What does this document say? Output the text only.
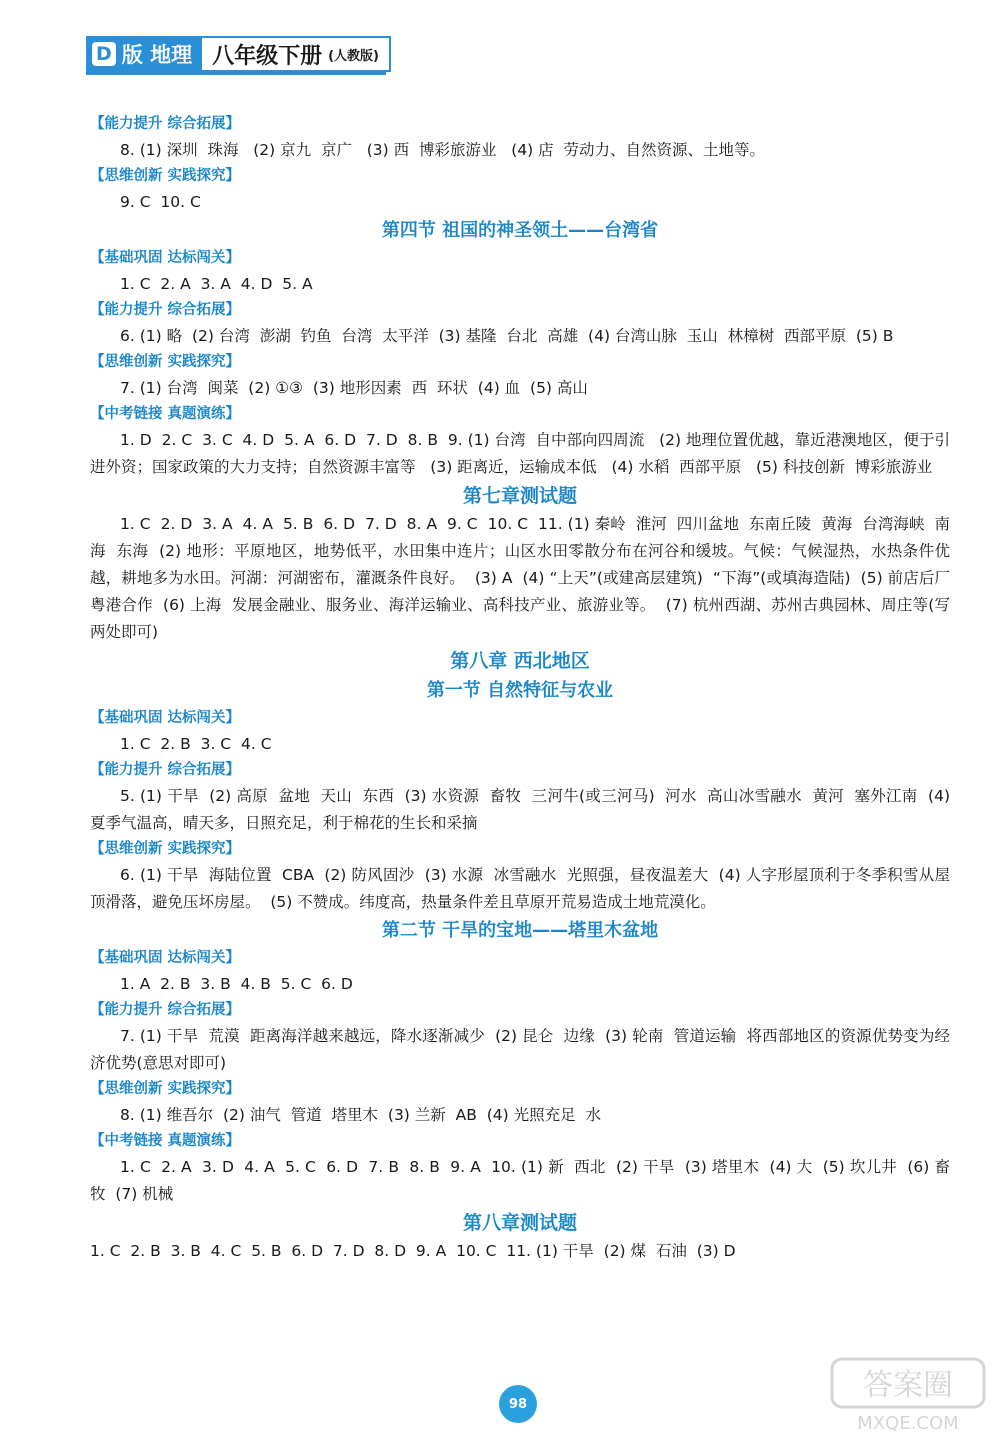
D 版 地理 八年级下册 (人教版)
【能力提升 综合拓展】
8. (1) 深圳  珠海   (2) 京九  京广   (3) 西  博彩旅游业   (4) 店  劳动力、自然资源、土地等。
【思维创新 实践探究】
9. C  10. C
第四节 祖国的神圣领土——台湾省
【基础巩固 达标闯关】
1. C  2. A  3. A  4. D  5. A
【能力提升 综合拓展】
6. (1) 略  (2) 台湾  澎湖  钓鱼  台湾  太平洋  (3) 基隆  台北  高雄  (4) 台湾山脉  玉山  林樟树  西部平原  (5) B
【思维创新 实践探究】
7. (1) 台湾  闽菜  (2) ①③  (3) 地形因素  西  环状  (4) 血  (5) 高山
【中考链接 真题演练】
1. D  2. C  3. C  4. D  5. A  6. D  7. D  8. B  9. (1) 台湾  自中部向四周流   (2) 地理位置优越，靠近港澳地区，便于引进外资；国家政策的大力支持；自然资源丰富等   (3) 距离近，运输成本低   (4) 水稻  西部平原   (5) 科技创新  博彩旅游业
第七章测试题
1. C  2. D  3. A  4. A  5. B  6. D  7. D  8. A  9. C  10. C  11. (1) 秦岭  淮河  四川盆地  东南丘陵  黄海  台湾海峡  南海  东海  (2) 地形：平原地区，地势低平，水田集中连片；山区水田零散分布在河谷和缓坡。气候：气候湿热，水热条件优越，耕地多为水田。河湖：河湖密布，灌溉条件良好。  (3) A  (4) “上天”(或建高层建筑)  “下海”(或填海造陆)  (5) 前店后厂  粤港合作  (6) 上海  发展金融业、服务业、海洋运输业、高科技产业、旅游业等。  (7) 杭州西湖、苏州古典园林、周庄等(写两处即可)
第八章 西北地区
第一节 自然特征与农业
【基础巩固 达标闯关】
1. C  2. B  3. C  4. C
【能力提升 综合拓展】
5. (1) 干旱  (2) 高原  盆地  天山  东西  (3) 水资源  畜牧  三河牛(或三河马)  河水  高山冰雪融水  黄河  塞外江南  (4) 夏季气温高，晴天多，日照充足，利于棉花的生长和采摘
【思维创新 实践探究】
6. (1) 干旱  海陆位置  CBA  (2) 防风固沙  (3) 水源  冰雪融水  光照强，昼夜温差大  (4) 人字形屋顶利于冬季积雪从屋顶滑落，避免压坏房屋。  (5) 不赞成。纬度高，热量条件差且草原开荒易造成土地荒漠化。
第二节 干旱的宝地——塔里木盆地
【基础巩固 达标闯关】
1. A  2. B  3. B  4. B  5. C  6. D
【能力提升 综合拓展】
7. (1) 干旱  荒漠  距离海洋越来越远，降水逐渐减少  (2) 昆仑  边缘  (3) 轮南  管道运输  将西部地区的资源优势变为经济优势(意思对即可)
【思维创新 实践探究】
8. (1) 维吾尔  (2) 油气  管道  塔里木  (3) 兰新  AB  (4) 光照充足  水
【中考链接 真题演练】
1. C  2. A  3. D  4. A  5. C  6. D  7. B  8. B  9. A  10. (1) 新  西北  (2) 干旱  (3) 塔里木  (4) 大  (5) 坎儿井  (6) 畜牧  (7) 机械
第八章测试题
1. C  2. B  3. B  4. C  5. B  6. D  7. D  8. D  9. A  10. C  11. (1) 干旱  (2) 煤  石油  (3) D
98
答案圈
MXQE.COM
